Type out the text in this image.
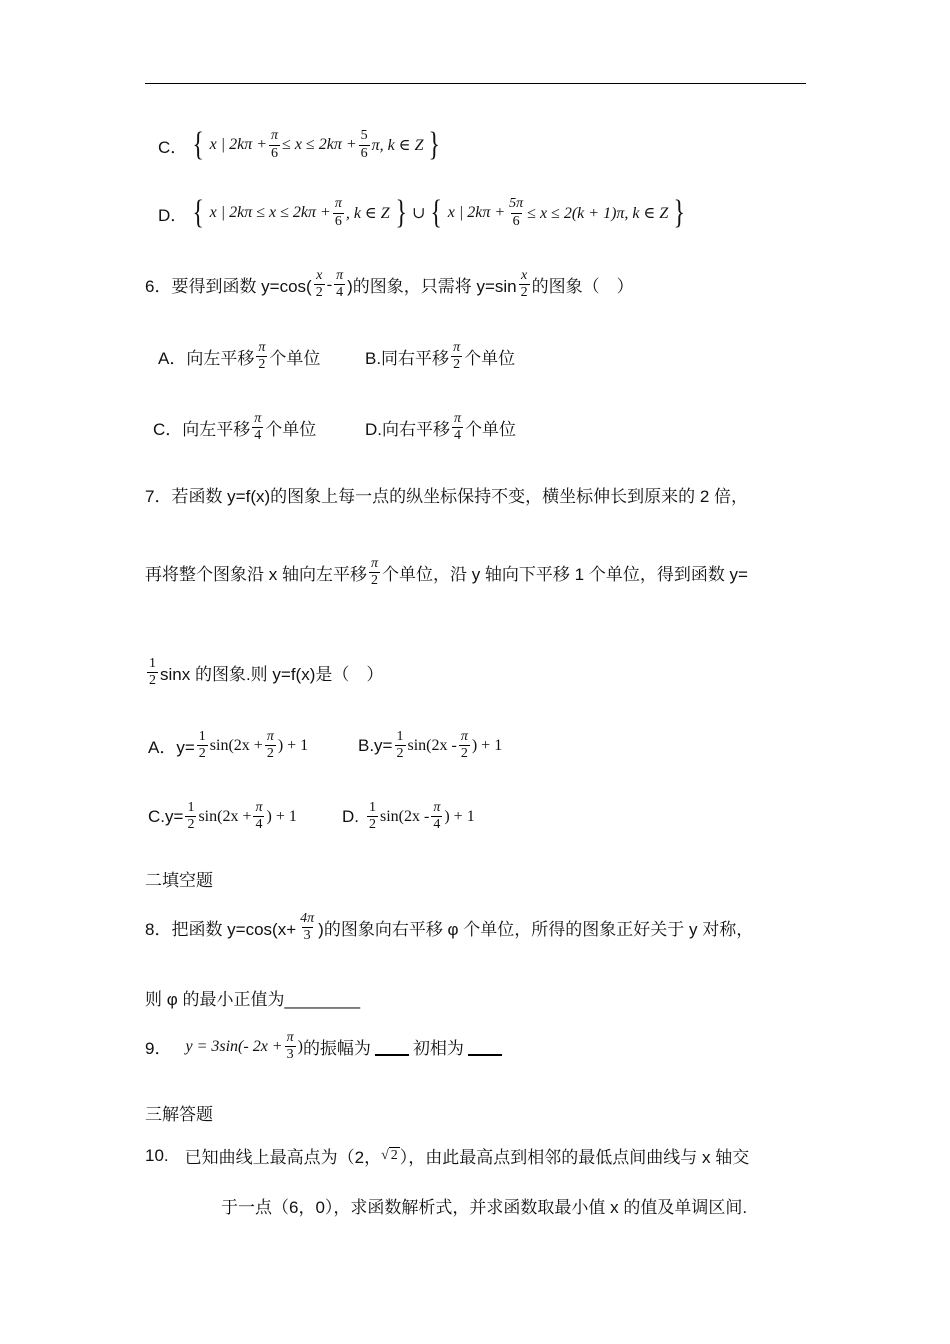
C． { x | $2k\pi + \frac{\pi}{6} \le x \le 2k\pi + \frac{5}{6} \pi$, k ∈ Z }
D． { x | $2k\pi \le x \le 2k\pi + \frac{\pi}{6}$ , k ∈ Z } ∪ { x | $2k\pi + \frac{5\pi}{6} \le x \le 2(k + 1)\pi$, k ∈ Z }
6．要得到函数 $y=\cos( \frac{x}{2} - \frac{\pi}{4}$ )的图象，只需将 $y=\sin \frac{x}{2}$ 的图象（　）
A．向左平移 $\frac{\pi}{2}$ 个单位	B.同右平移 $\frac{\pi}{2}$ 个单位
C．向左平移 $\frac{\pi}{4}$ 个单位	D.向右平移 $\frac{\pi}{4}$ 个单位
7．若函数 y=f(x)的图象上每一点的纵坐标保持不变，横坐标伸长到原来的 2 倍，
再将整个图象沿 x 轴向左平移 $\frac{\pi}{2}$ 个单位，沿 y 轴向下平移 1 个单位，得到函数 y=
$\frac{1}{2}$ sinx 的图象.则 y=f(x)是（　）
A．$y= \frac{1}{2} \sin(2x + \frac{\pi}{2}$ ) + 1	$B.y= \frac{1}{2} \sin(2x - \frac{\pi}{2}$ ) + 1
$C.y= \frac{1}{2} \sin(2x + \frac{\pi}{4}$ ) + 1	D. $\frac{1}{2} \sin(2x - \frac{\pi}{4}$ ) + 1
二填空题
8．把函数 $y=\cos(x+ \frac{4\pi}{3}$ )的图象向右平移 φ 个单位，所得的图象正好关于 y 对称，
则 φ 的最小正值为________
9． y = 3sin(- $2x + \frac{\pi}{3}$ ) 的振幅为 初相为
三解答题
10. 已知曲线上最高点为（2， √ 2 ），由此最高点到相邻的最低点间曲线与 x 轴交
于一点（6，0），求函数解析式，并求函数取最小值 x 的值及单调区间.
